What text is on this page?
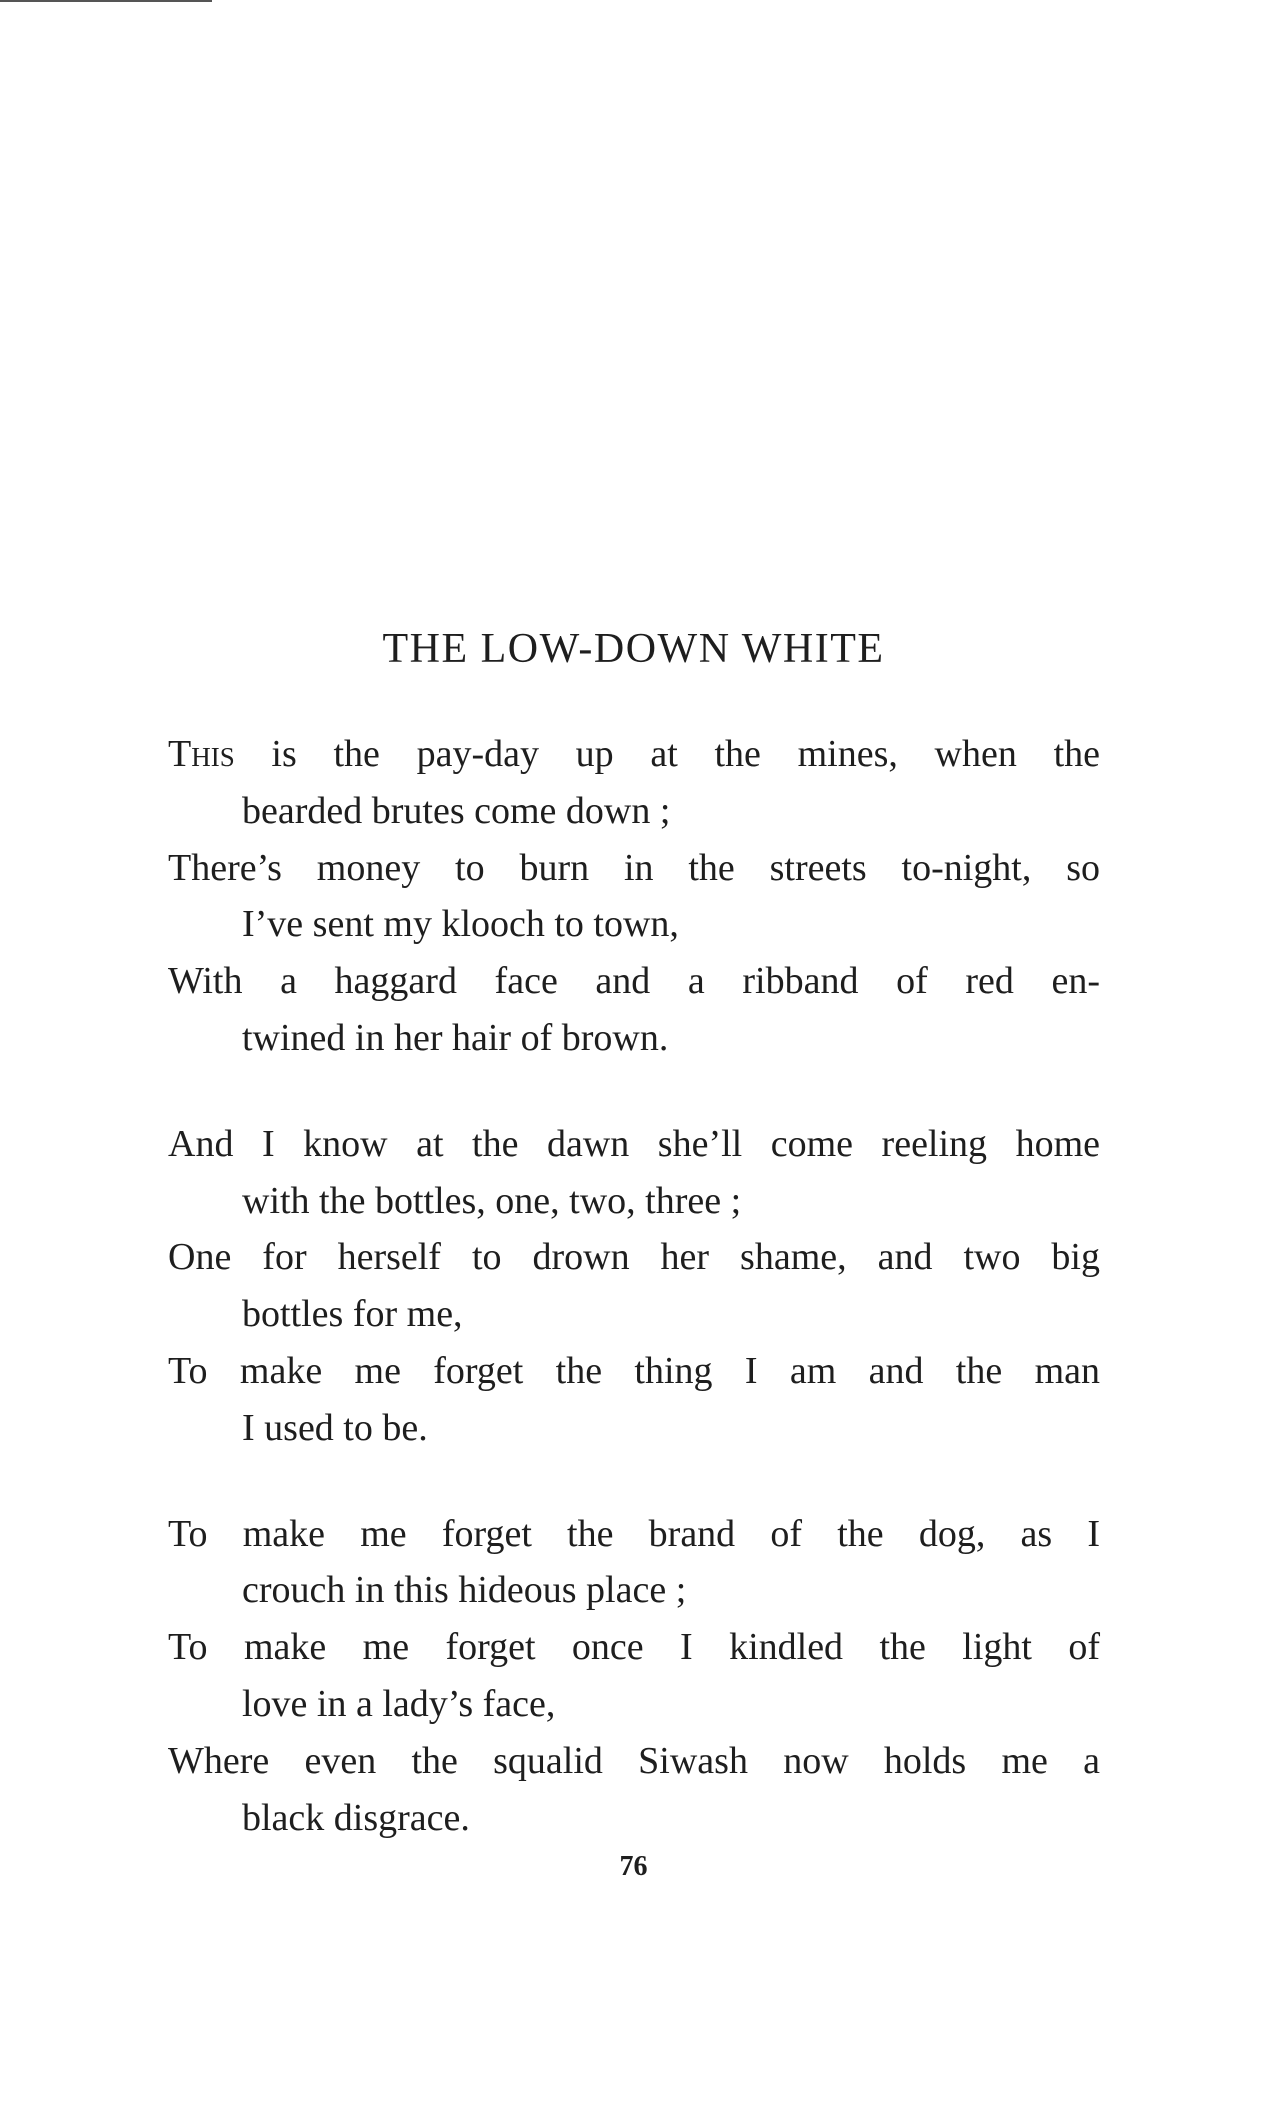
THE LOW-DOWN WHITE
This is the pay-day up at the mines, when the
bearded brutes come down ;
There’s money to burn in the streets to-night, so
I’ve sent my klooch to town,
With a haggard face and a ribband of red en-
twined in her hair of brown.
And I know at the dawn she’ll come reeling home
with the bottles, one, two, three ;
One for herself to drown her shame, and two big
bottles for me,
To make me forget the thing I am and the man
I used to be.
To make me forget the brand of the dog, as I
crouch in this hideous place ;
To make me forget once I kindled the light of
love in a lady’s face,
Where even the squalid Siwash now holds me a
black disgrace.
76
